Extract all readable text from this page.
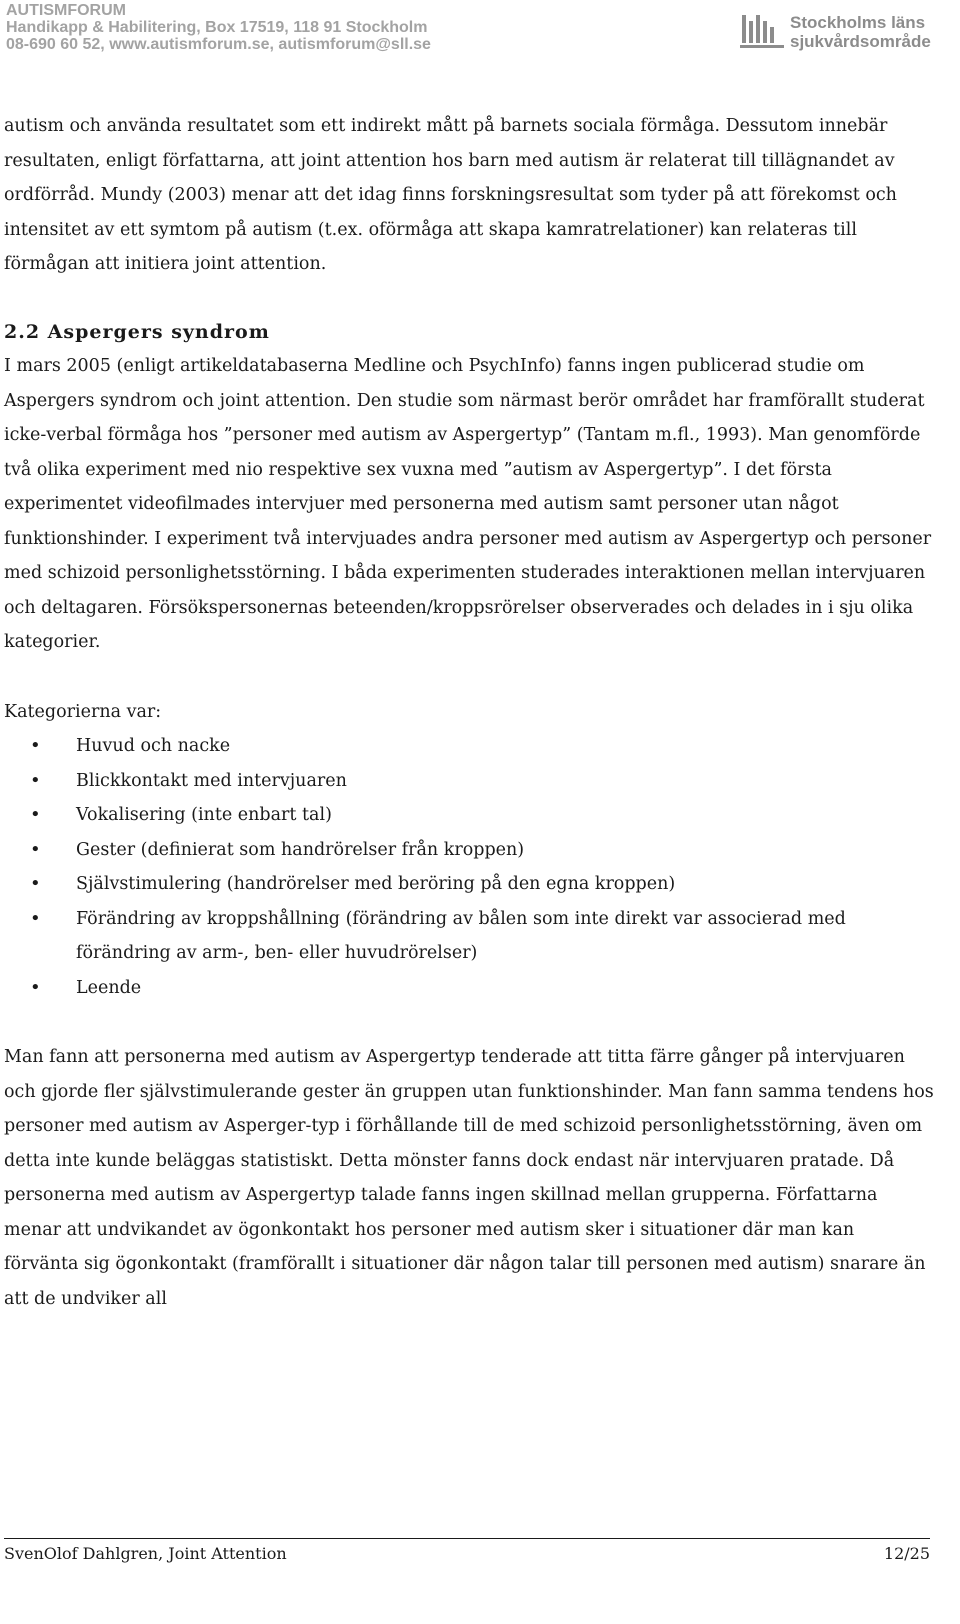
AUTISMFORUM
Handikapp & Habilitering, Box 17519, 118 91 Stockholm
08-690 60 52, www.autismforum.se, autismforum@sll.se
Stockholms läns
sjukvårdsområde

autism och använda resultatet som ett indirekt mått på barnets sociala förmåga. Dessutom innebär resultaten, enligt författarna, att joint attention hos barn med autism är relaterat till tillägnandet av ordförråd. Mundy (2003) menar att det idag finns forskningsresultat som tyder på att förekomst och intensitet av ett symtom på autism (t.ex. oförmåga att skapa kamratrelationer) kan relateras till förmågan att initiera joint attention.

2.2 Aspergers syndrom

I mars 2005 (enligt artikeldatabaserna Medline och PsychInfo) fanns ingen publicerad studie om Aspergers syndrom och joint attention. Den studie som närmast berör området har framförallt studerat icke-verbal förmåga hos ”personer med autism av Aspergertyp” (Tantam m.fl., 1993). Man genomförde två olika experiment med nio respektive sex vuxna med ”autism av Aspergertyp”. I det första experimentet videofilmades intervjuer med personerna med autism samt personer utan något funktionshinder. I experiment två intervjuades andra personer med autism av Aspergertyp och personer med schizoid personlighetsstörning. I båda experimenten studerades interaktionen mellan intervjuaren och deltagaren. Försökspersonernas beteenden/kroppsrörelser observerades och delades in i sju olika kategorier.

Kategorierna var:

• Huvud och nacke
• Blickkontakt med intervjuaren
• Vokalisering (inte enbart tal)
• Gester (definierat som handrörelser från kroppen)
• Självstimulering (handrörelser med beröring på den egna kroppen)
• Förändring av kroppshållning (förändring av bålen som inte direkt var associerad med förändring av arm-, ben- eller huvudrörelser)
• Leende

Man fann att personerna med autism av Aspergertyp tenderade att titta färre gånger på intervjuaren och gjorde fler självstimulerande gester än gruppen utan funktionshinder. Man fann samma tendens hos personer med autism av Asperger-typ i förhållande till de med schizoid personlighetsstörning, även om detta inte kunde beläggas statistiskt. Detta mönster fanns dock endast när intervjuaren pratade. Då personerna med autism av Aspergertyp talade fanns ingen skillnad mellan grupperna. Författarna menar att undvikandet av ögonkontakt hos personer med autism sker i situationer där man kan förvänta sig ögonkontakt (framförallt i situationer där någon talar till personen med autism) snarare än att de undviker all

SvenOlof Dahlgren, Joint Attention	12/25
